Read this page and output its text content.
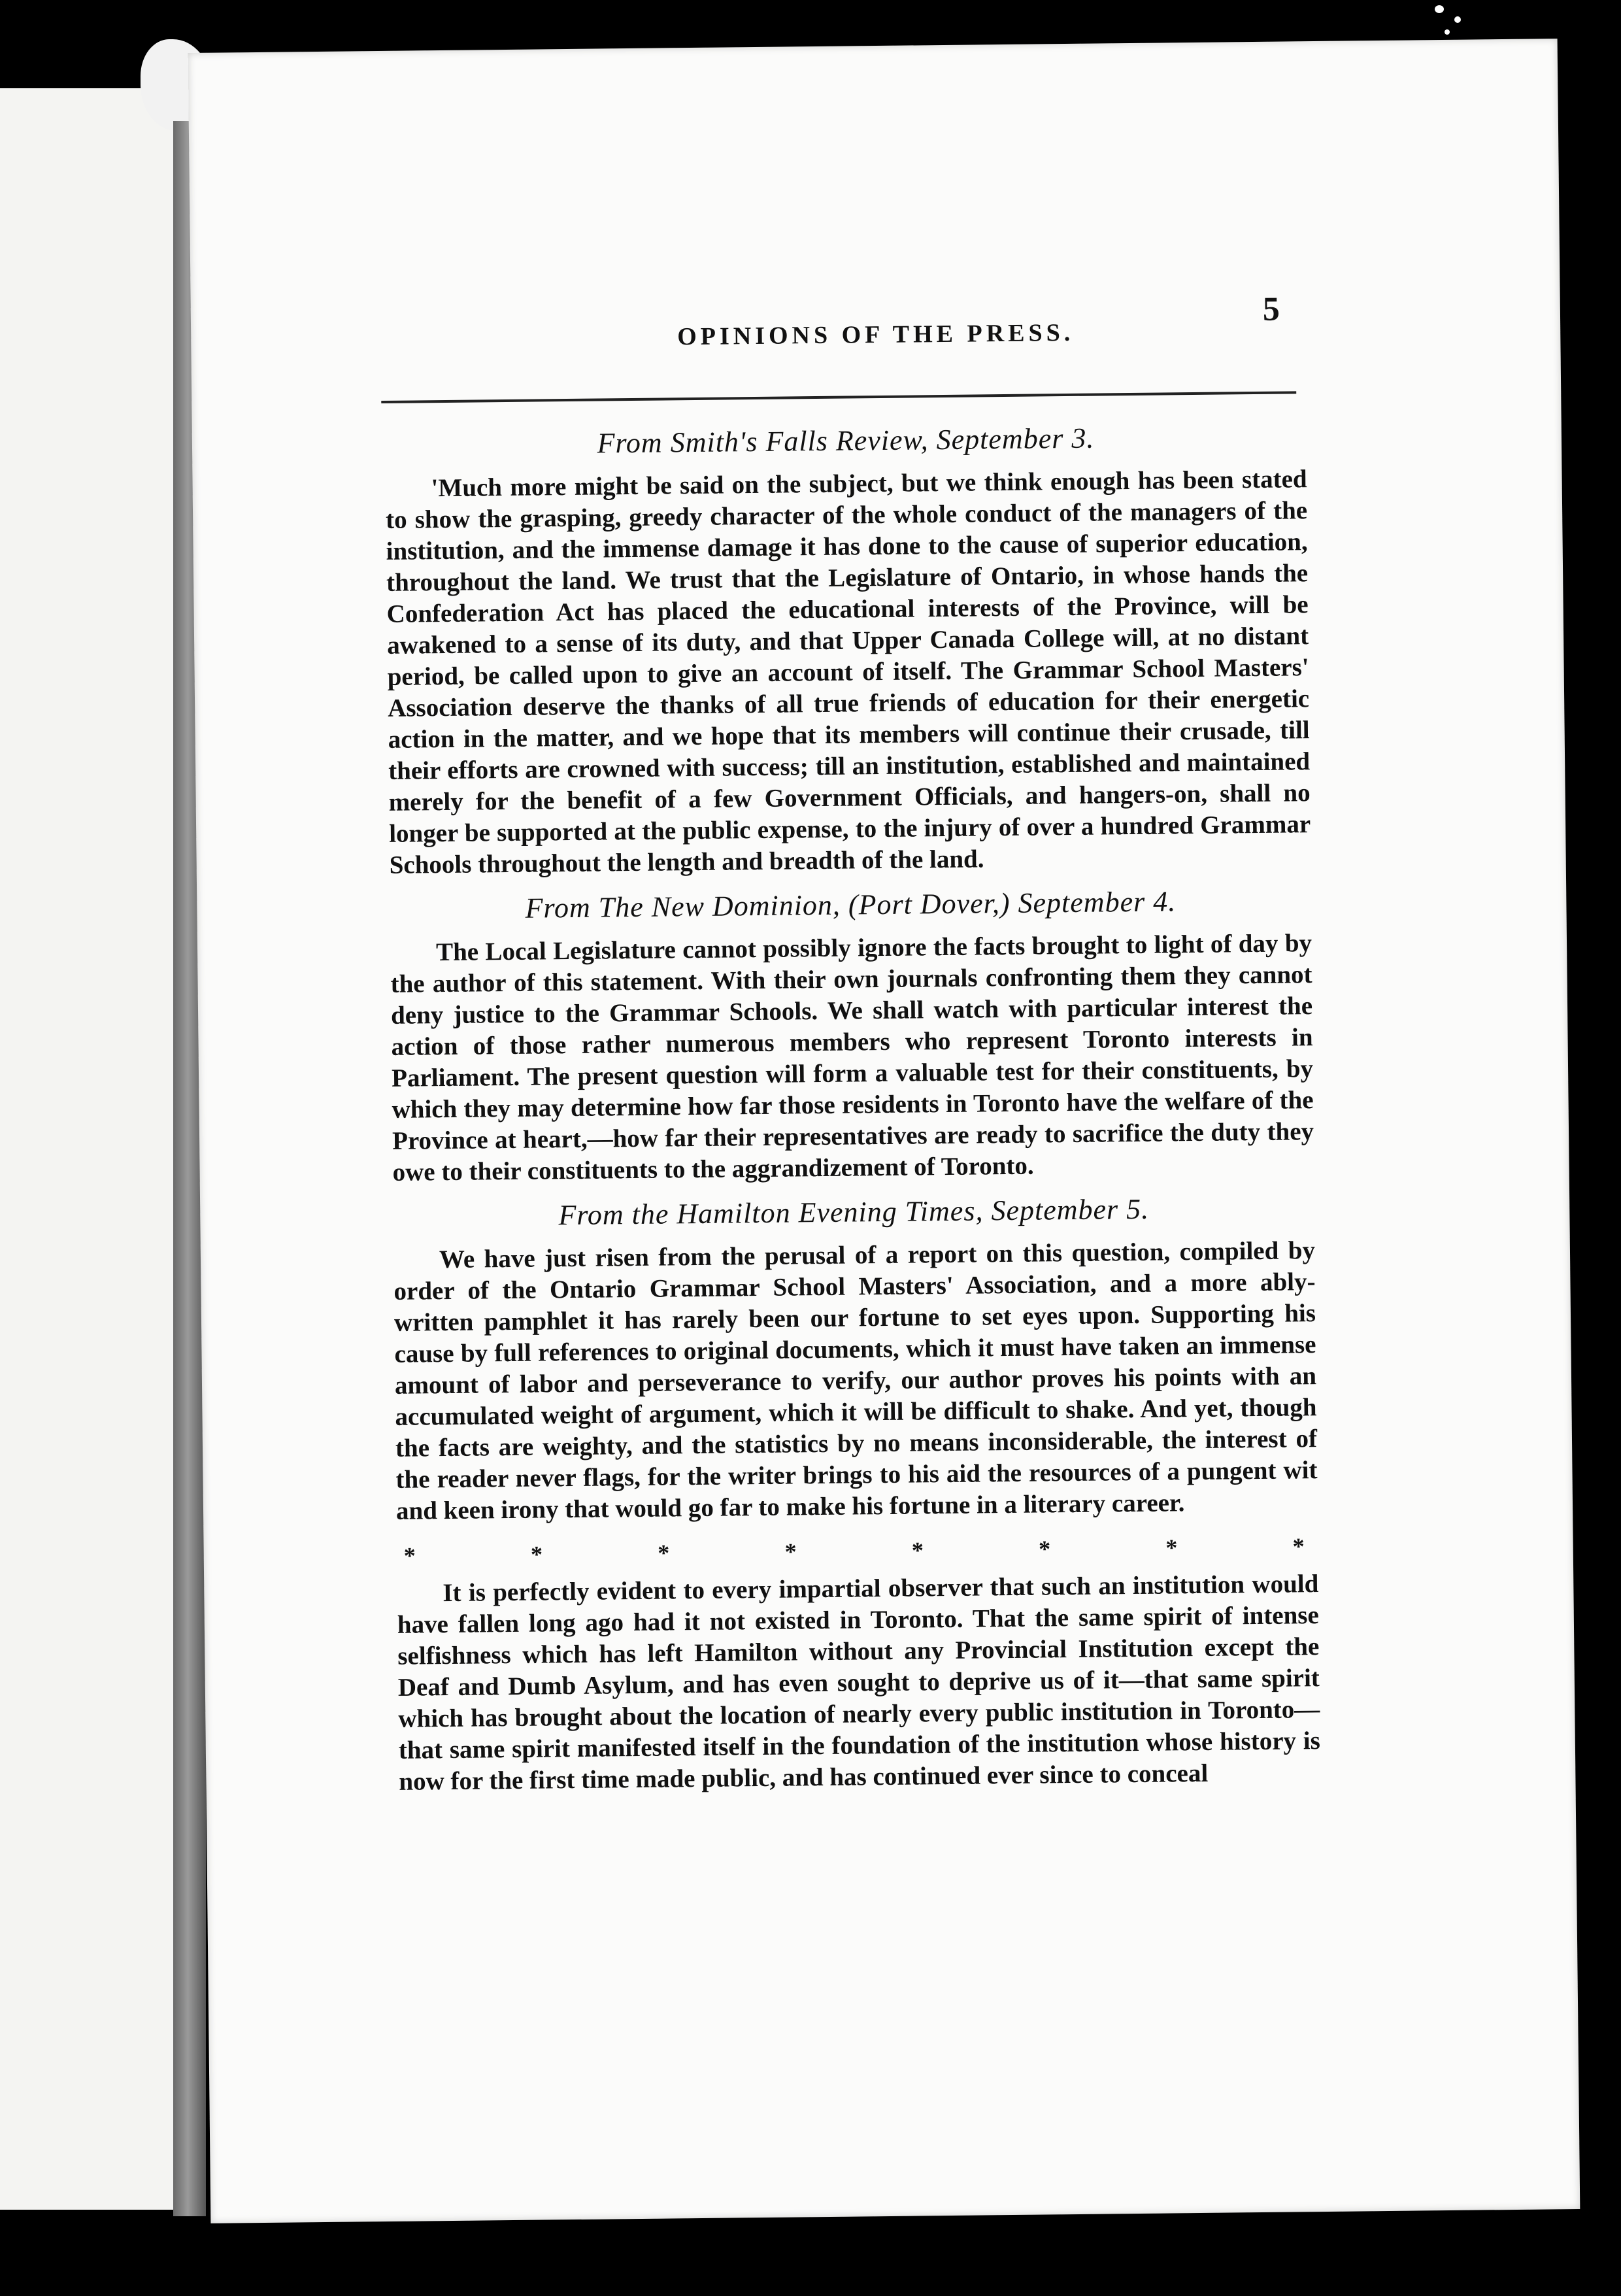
OPINIONS OF THE PRESS.
5
From Smith's Falls Review, September 3.

'Much more might be said on the subject, but we think enough has been stated to show the grasping, greedy character of the whole conduct of the managers of the institution, and the immense damage it has done to the cause of superior education, throughout the land. We trust that the Legislature of Ontario, in whose hands the Confederation Act has placed the educational interests of the Province, will be awakened to a sense of its duty, and that Upper Canada College will, at no distant period, be called upon to give an account of itself. The Grammar School Masters' Association deserve the thanks of all true friends of education for their energetic action in the matter, and we hope that its members will continue their crusade, till their efforts are crowned with success; till an institution, established and maintained merely for the benefit of a few Government Officials, and hangers-on, shall no longer be supported at the public expense, to the injury of over a hundred Grammar Schools throughout the length and breadth of the land.

From The New Dominion, (Port Dover,) September 4.

The Local Legislature cannot possibly ignore the facts brought to light of day by the author of this statement. With their own journals confronting them they cannot deny justice to the Grammar Schools. We shall watch with particular interest the action of those rather numerous members who represent Toronto interests in Parliament. The present question will form a valuable test for their constituents, by which they may determine how far those residents in Toronto have the welfare of the Province at heart,—how far their representatives are ready to sacrifice the duty they owe to their constituents to the aggrandizement of Toronto.

From the Hamilton Evening Times, September 5.

We have just risen from the perusal of a report on this question, compiled by order of the Ontario Grammar School Masters' Association, and a more ably-written pamphlet it has rarely been our fortune to set eyes upon. Supporting his cause by full references to original documents, which it must have taken an immense amount of labor and perseverance to verify, our author proves his points with an accumulated weight of argument, which it will be difficult to shake. And yet, though the facts are weighty, and the statistics by no means inconsiderable, the interest of the reader never flags, for the writer brings to his aid the resources of a pungent wit and keen irony that would go far to make his fortune in a literary career.

*	*	*	*	*	*	*	*

It is perfectly evident to every impartial observer that such an institution would have fallen long ago had it not existed in Toronto. That the same spirit of intense selfishness which has left Hamilton without any Provincial Institution except the Deaf and Dumb Asylum, and has even sought to deprive us of it—that same spirit which has brought about the location of nearly every public institution in Toronto—that same spirit manifested itself in the foundation of the institution whose history is now for the first time made public, and has continued ever since to conceal
